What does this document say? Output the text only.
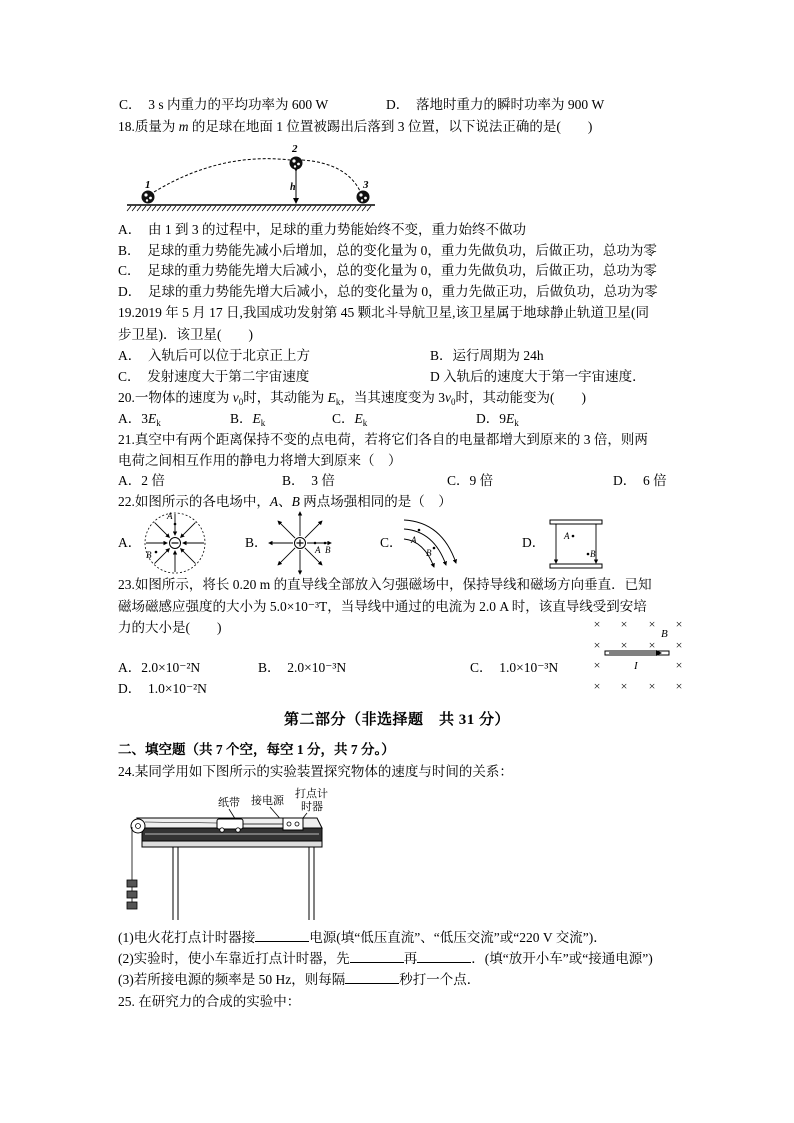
C．  3 s 内重力的平均功率为 600 W	D．  落地时重力的瞬时功率为 900 W
18.质量为 m 的足球在地面 1 位置被踢出后落到 3 位置，以下说法正确的是(　　)
1
2
3
h
A．  由 1 到 3 的过程中，足球的重力势能始终不变，重力始终不做功
B．  足球的重力势能先减小后增加，总的变化量为 0，重力先做负功，后做正功，总功为零
C．  足球的重力势能先增大后减小，总的变化量为 0，重力先做负功，后做正功，总功为零
D．  足球的重力势能先增大后减小，总的变化量为 0，重力先做正功，后做负功，总功为零
19.2019 年 5 月 17 日,我国成功发射第 45 颗北斗导航卫星,该卫星属于地球静止轨道卫星(同
步卫星)．该卫星(　　)
A．  入轨后可以位于北京正上方	B．运行周期为 24h
C．  发射速度大于第二宇宙速度	D 入轨后的速度大于第一宇宙速度．
20.一物体的速度为 $v_0$时，其动能为 $E_k$，当其速度变为 $3v_0$时，其动能变为(　　)
A．$3E_k$	B．$E_k$	C．$E_k$	D．$9E_k$
21.真空中有两个距离保持不变的点电荷，若将它们各自的电量都增大到原来的 3 倍，则两
电荷之间相互作用的静电力将增大到原来（　）
A．2 倍	B．  3 倍	C．9 倍	D．  6 倍
22.如图所示的各电场中，A、B 两点场强相同的是（　）
A．	B．	C．	D．
A
B	A B
A
B
A
B
23.如图所示，将长 0.20 m 的直导线全部放入匀强磁场中，保持导线和磁场方向垂直．已知
磁场磁感应强度的大小为 5.0×10⁻³T，当导线中通过的电流为 2.0 A 时，该直导线受到安培
力的大小是(　　)	B
I
× × × ×
× × × ×
×	×
× × × ×
A．2.0×10⁻²N	B．  2.0×10⁻³N	C．  1.0×10⁻³N
D．  1.0×10⁻²N
第二部分（非选择题　共 31 分）
二、填空题（共 7 个空，每空 1 分，共 7 分。）
24.某同学用如下图所示的实验装置探究物体的速度与时间的关系：
纸带 接电源
打点计
时器
(1)电火花打点计时器接	电源(填“低压直流”、“低压交流”或“220 V 交流”)．
(2)实验时，使小车靠近打点计时器，先	再	．(填“放开小车”或“接通电源”)
(3)若所接电源的频率是 50 Hz，则每隔	秒打一个点．
25. 在研究力的合成的实验中：
